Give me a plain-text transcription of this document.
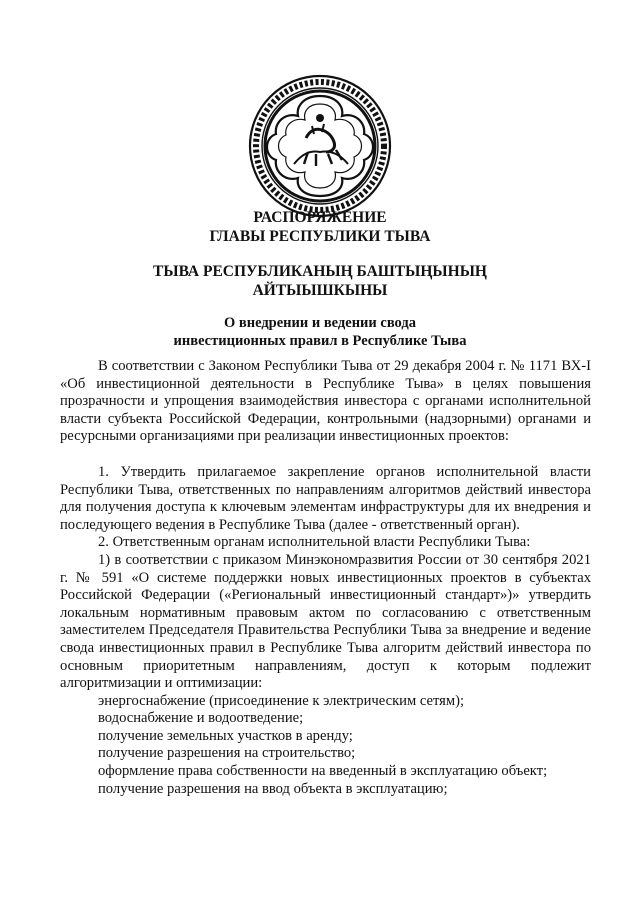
РАСПОРЯЖЕНИЕ
ГЛАВЫ РЕСПУБЛИКИ ТЫВА
ТЫВА РЕСПУБЛИКАНЫҢ БАШТЫҢЫНЫҢ
АЙТЫЫШКЫНЫ
О внедрении и ведении свода
инвестиционных правил в Республике Тыва

В соответствии с Законом Республики Тыва от 29 декабря 2004 г. № 1171 ВХ-I «Об инвестиционной деятельности в Республике Тыва» в целях повышения прозрачности и упрощения взаимодействия инвестора с органами исполнительной власти субъекта Российской Федерации, контрольными (надзорными) органами и ресурсными организациями при реализации инвестиционных проектов:

1. Утвердить прилагаемое закрепление органов исполнительной власти Республики Тыва, ответственных по направлениям алгоритмов действий инвестора для получения доступа к ключевым элементам инфраструктуры для их внедрения и последующего ведения в Республике Тыва (далее - ответственный орган).

2. Ответственным органам исполнительной власти Республики Тыва:

1) в соответствии с приказом Минэкономразвития России от 30 сентября 2021 г. № 591 «О системе поддержки новых инвестиционных проектов в субъектах Российской Федерации («Региональный инвестиционный стандарт»)» утвердить локальным нормативным правовым актом по согласованию с ответственным заместителем Председателя Правительства Республики Тыва за внедрение и ведение свода инвестиционных правил в Республике Тыва алгоритм действий инвестора по основным приоритетным направлениям, доступ к которым подлежит алгоритмизации и оптимизации:

энергоснабжение (присоединение к электрическим сетям);
водоснабжение и водоотведение;
получение земельных участков в аренду;
получение разрешения на строительство;
оформление права собственности на введенный в эксплуатацию объект;
получение разрешения на ввод объекта в эксплуатацию;
